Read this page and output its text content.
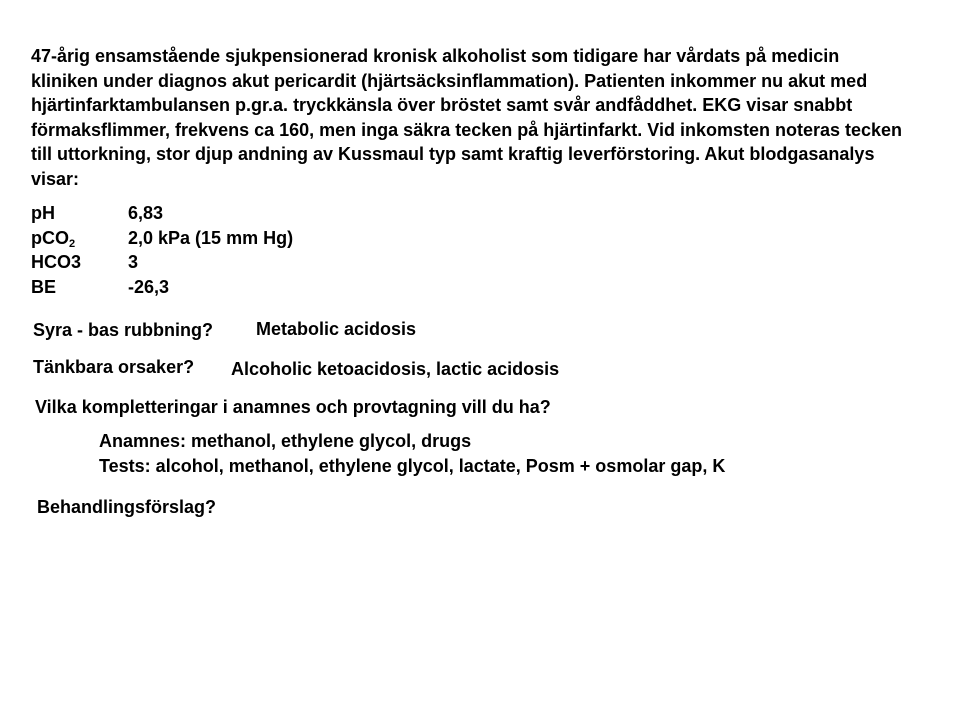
47-årig ensamstående sjukpensionerad kronisk alkoholist som tidigare har vårdats på medicin kliniken under diagnos akut pericardit (hjärtsäcksinflammation). Patienten inkommer nu akut med hjärtinfarktambulansen p.gr.a. tryckkänsla över bröstet samt svår andfåddhet. EKG visar snabbt förmaksflimmer, frekvens ca 160, men inga säkra tecken på hjärtinfarkt. Vid inkomsten noteras tecken till uttorkning, stor djup andning av Kussmaul typ samt kraftig leverförstoring. Akut blodgasanalys visar:

pH	6,83
pCO$_2$	2,0 kPa (15 mm Hg)
HCO3	3
BE	-26,3
Syra - bas rubbning? Metabolic acidosis
Tänkbara orsaker? Alcoholic ketoacidosis, lactic acidosis
Vilka kompletteringar i anamnes och provtagning vill du ha?
Anamnes: methanol, ethylene glycol, drugs
Tests: alcohol, methanol, ethylene glycol, lactate, Posm + osmolar gap, K
Behandlingsförslag?
